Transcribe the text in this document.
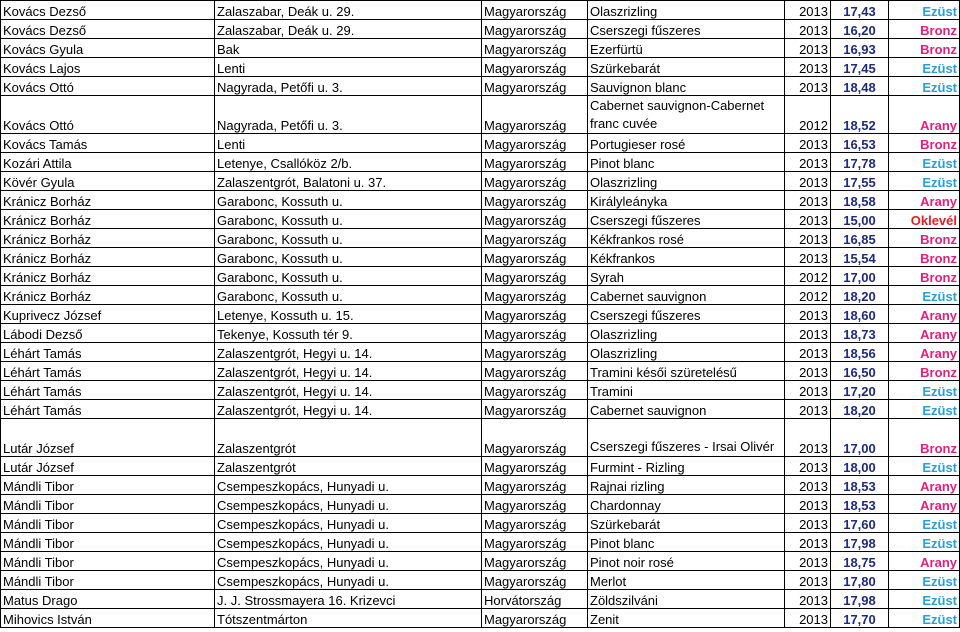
Kovács Dezső	Zalaszabar, Deák u. 29.	Magyarország	Olaszrizling	2013	17,43	Ezüst
Kovács Dezső	Zalaszabar, Deák u. 29.	Magyarország	Cserszegi fűszeres	2013	16,20	Bronz
Kovács Gyula	Bak	Magyarország	Ezerfürtü	2013	16,93	Bronz
Kovács Lajos	Lenti	Magyarország	Szürkebarát	2013	17,45	Ezüst
Kovács Ottó	Nagyrada, Petőfi u. 3.	Magyarország	Sauvignon blanc	2013	18,48	Ezüst
Kovács Ottó	Nagyrada, Petőfi u. 3.	Magyarország	Cabernet sauvignon-Cabernet franc cuvée	2012	18,52	Arany
Kovács Tamás	Lenti	Magyarország	Portugieser rosé	2013	16,53	Bronz
Kozári Attila	Letenye, Csallóköz 2/b.	Magyarország	Pinot blanc	2013	17,78	Ezüst
Kövér Gyula	Zalaszentgrót, Balatoni u. 37.	Magyarország	Olaszrizling	2013	17,55	Ezüst
Kránicz Borház	Garabonc, Kossuth u.	Magyarország	Királyleányka	2013	18,58	Arany
Kránicz Borház	Garabonc, Kossuth u.	Magyarország	Cserszegi fűszeres	2013	15,00	Oklevél
Kránicz Borház	Garabonc, Kossuth u.	Magyarország	Kékfrankos rosé	2013	16,85	Bronz
Kránicz Borház	Garabonc, Kossuth u.	Magyarország	Kékfrankos	2013	15,54	Bronz
Kránicz Borház	Garabonc, Kossuth u.	Magyarország	Syrah	2012	17,00	Bronz
Kránicz Borház	Garabonc, Kossuth u.	Magyarország	Cabernet sauvignon	2012	18,20	Ezüst
Kuprivecz József	Letenye, Kossuth u. 15.	Magyarország	Cserszegi fűszeres	2013	18,60	Arany
Lábodi Dezső	Tekenye, Kossuth tér 9.	Magyarország	Olaszrizling	2013	18,73	Arany
Léhárt Tamás	Zalaszentgrót, Hegyi u. 14.	Magyarország	Olaszrizling	2013	18,56	Arany
Léhárt Tamás	Zalaszentgrót, Hegyi u. 14.	Magyarország	Tramini késői szüretelésű	2013	16,50	Bronz
Léhárt Tamás	Zalaszentgrót, Hegyi u. 14.	Magyarország	Tramini	2013	17,20	Ezüst
Léhárt Tamás	Zalaszentgrót, Hegyi u. 14.	Magyarország	Cabernet sauvignon	2013	18,20	Ezüst
Lutár József	Zalaszentgrót	Magyarország	Cserszegi fűszeres - Irsai Olivér	2013	17,00	Bronz
Lutár József	Zalaszentgrót	Magyarország	Furmint - Rizling	2013	18,00	Ezüst
Mándli Tibor	Csempeszkopács, Hunyadi u.	Magyarország	Rajnai rizling	2013	18,53	Arany
Mándli Tibor	Csempeszkopács, Hunyadi u.	Magyarország	Chardonnay	2013	18,53	Arany
Mándli Tibor	Csempeszkopács, Hunyadi u.	Magyarország	Szürkebarát	2013	17,60	Ezüst
Mándli Tibor	Csempeszkopács, Hunyadi u.	Magyarország	Pinot blanc	2013	17,98	Ezüst
Mándli Tibor	Csempeszkopács, Hunyadi u.	Magyarország	Pinot noir rosé	2013	18,75	Arany
Mándli Tibor	Csempeszkopács, Hunyadi u.	Magyarország	Merlot	2013	17,80	Ezüst
Matus Drago	J. J. Strossmayera 16. Krizevci	Horvátország	Zöldszilváni	2013	17,98	Ezüst
Mihovics István	Tótszentmárton	Magyarország	Zenit	2013	17,70	Ezüst
